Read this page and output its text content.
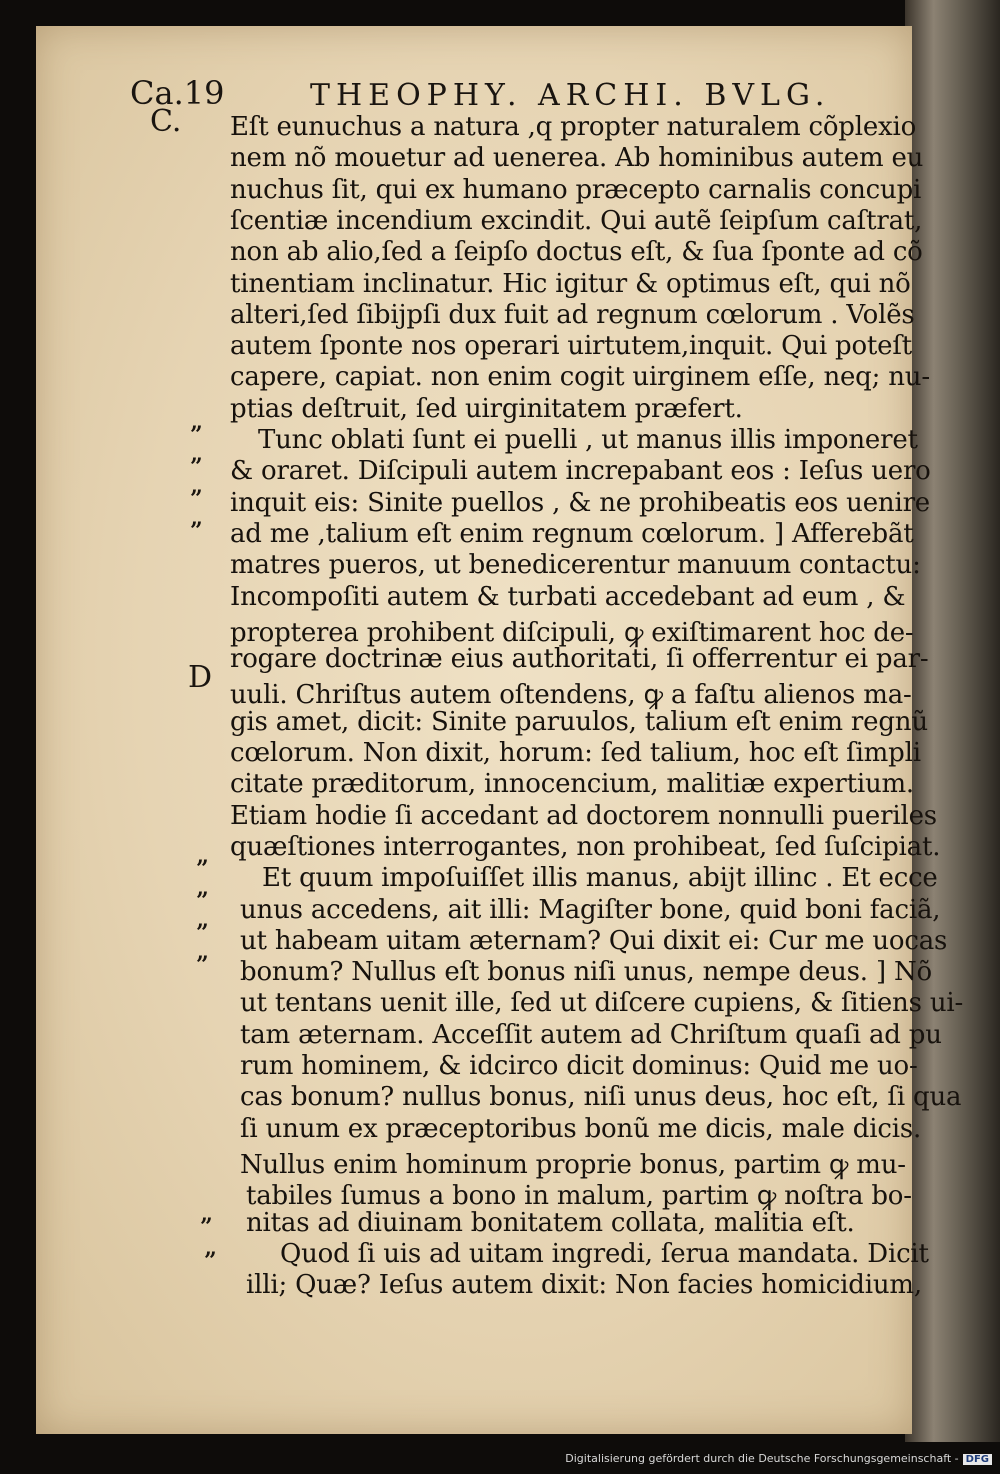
Ca.19	THEOPHY. ARCHI. BVLG.
C.
D
Eſt eunuchus a natura ,q propter naturalem cõplexio
nem nõ mouetur ad uenerea. Ab hominibus autem eu
nuchus ſit, qui ex humano præcepto carnalis concupi
ſcentiæ incendium excindit. Qui autẽ ſeipſum caſtrat,
non ab alio,ſed a ſeipſo doctus eſt, & ſua ſponte ad cõ
tinentiam inclinatur. Hic igitur & optimus eſt, qui nõ
alteri,ſed ſibijpſi dux fuit ad regnum cœlorum . Volẽs
autem ſponte nos operari uirtutem,inquit. Qui poteſt
capere, capiat. non enim cogit uirginem eſſe, neq; nu-
ptias deſtruit, ſed uirginitatem præfert.
Tunc oblati ſunt ei puelli , ut manus illis imponeret
& oraret. Diſcipuli autem increpabant eos : Ieſus uero
inquit eis: Sinite puellos , & ne prohibeatis eos uenire
ad me ,talium eſt enim regnum cœlorum. ] Afferebãt
matres pueros, ut benedicerentur manuum contactu:
Incompoſiti autem & turbati accedebant ad eum , &
propterea prohibent diſcipuli, ꝙ exiſtimarent hoc de-
rogare doctrinæ eius authoritati, ſi offerrentur ei par-
uuli. Chriſtus autem oſtendens, ꝙ a faſtu alienos ma-
gis amet, dicit: Sinite paruulos, talium eſt enim regnũ
cœlorum. Non dixit, horum: ſed talium, hoc eſt ſimpli
citate præditorum, innocencium, malitiæ expertium.
Etiam hodie ſi accedant ad doctorem nonnulli pueriles
quæſtiones interrogantes, non prohibeat, ſed ſuſcipiat.
Et quum impoſuiſſet illis manus, abijt illinc . Et ecce
unus accedens, ait illi: Magiſter bone, quid boni faciã,
ut habeam uitam æternam? Qui dixit ei: Cur me uocas
bonum? Nullus eſt bonus niſi unus, nempe deus. ] Nõ
ut tentans uenit ille, ſed ut diſcere cupiens, & ſitiens ui-
tam æternam. Acceſſit autem ad Chriſtum quaſi ad pu
rum hominem, & idcirco dicit dominus: Quid me uo-
cas bonum? nullus bonus, niſi unus deus, hoc eſt, ſi qua
ſi unum ex præceptoribus bonũ me dicis, male dicis.
Nullus enim hominum proprie bonus, partim ꝙ mu-
tabiles ſumus a bono in malum, partim ꝙ noſtra bo-
nitas ad diuinam bonitatem collata, malitia eſt.
Quod ſi uis ad uitam ingredi, ſerua mandata. Dicit
illi; Quæ? Ieſus autem dixit: Non facies homicidium,
”
”
”
”
”
”
”
”
”
”
Digitalisierung gefördert durch die Deutsche Forschungsgemeinschaft - DFG
